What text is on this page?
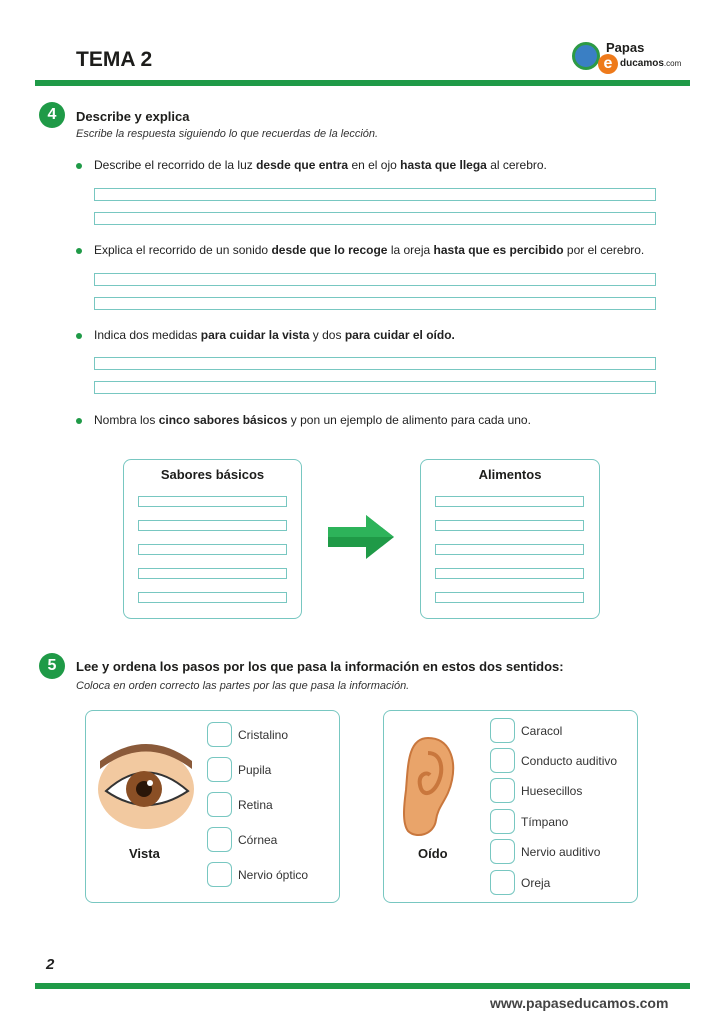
TEMA 2	e
Papas
ducamos.com
4	Describe y explica
Escribe la respuesta siguiendo lo que recuerdas de la lección.
Describe el recorrido de la luz desde que entra en el ojo hasta que llega al cerebro.
Explica el recorrido de un sonido desde que lo recoge la oreja hasta que es percibido por el cerebro.
Indica dos medidas para cuidar la vista y dos para cuidar el oído.
Nombra los cinco sabores básicos y pon un ejemplo de alimento para cada uno.
Sabores básicos	Alimentos
5	Lee y ordena los pasos por los que pasa la información en estos dos sentidos:
Coloca en orden correcto las partes por las que pasa la información.
Vista
Cristalino
Pupila
Retina
Córnea
Nervio óptico
Oído
Caracol
Conducto auditivo
Huesecillos
Tímpano
Nervio auditivo
Oreja
2
www.papaseducamos.com
